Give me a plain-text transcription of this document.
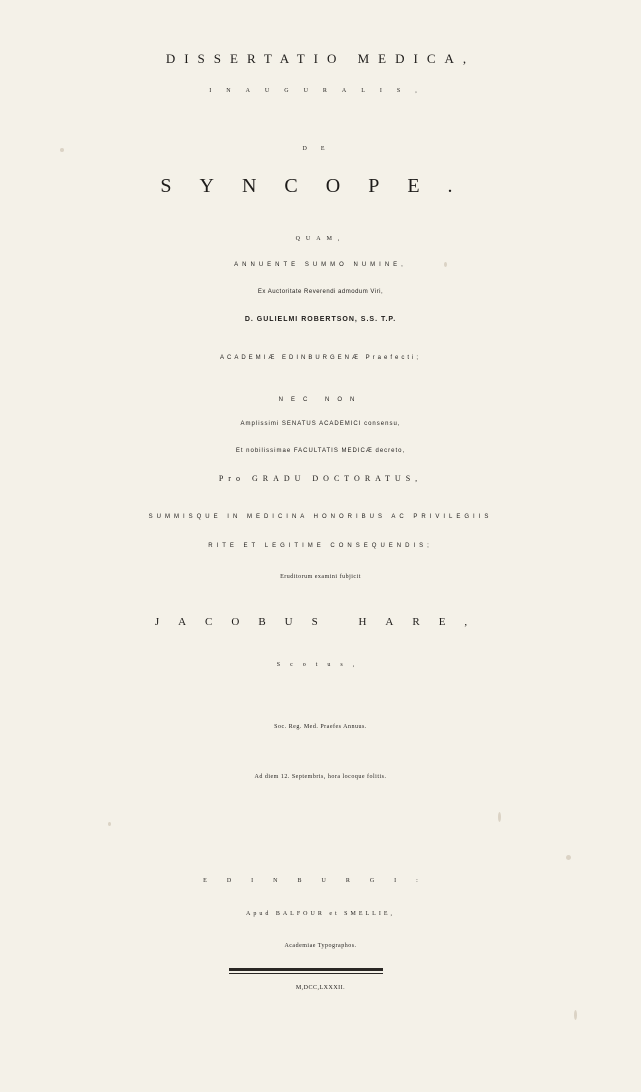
DISSERTATIO MEDICA,
INAUGURALIS,
DE
SYNCOPE.
QUAM,
ANNUENTE SUMMO NUMINE,
Ex Auctoritate Reverendi admodum Viri,
D. GULIELMI ROBERTSON, S.S. T.P.
ACADEMIÆ EDINBURGENÆ Praefecti;
NEC NON
Amplissimi SENATUS ACADEMICI consensu,
Et nobilissimae FACULTATIS MEDICÆ decreto,
Pro GRADU DOCTORATUS,
SUMMISQUE IN MEDICINA HONORIBUS AC PRIVILEGIIS
RITE ET LEGITIME CONSEQUENDIS;
Eruditorum examini fubjicit
JACOBUS HARE,
Scotus,
Soc. Reg. Med. Praefes Annuus.
Ad diem 12. Septembris, hora locoque folitis.
EDINBURGI:
Apud BALFOUR et SMELLIE,
Academiae Typographos.
M,DCC,LXXXII.
